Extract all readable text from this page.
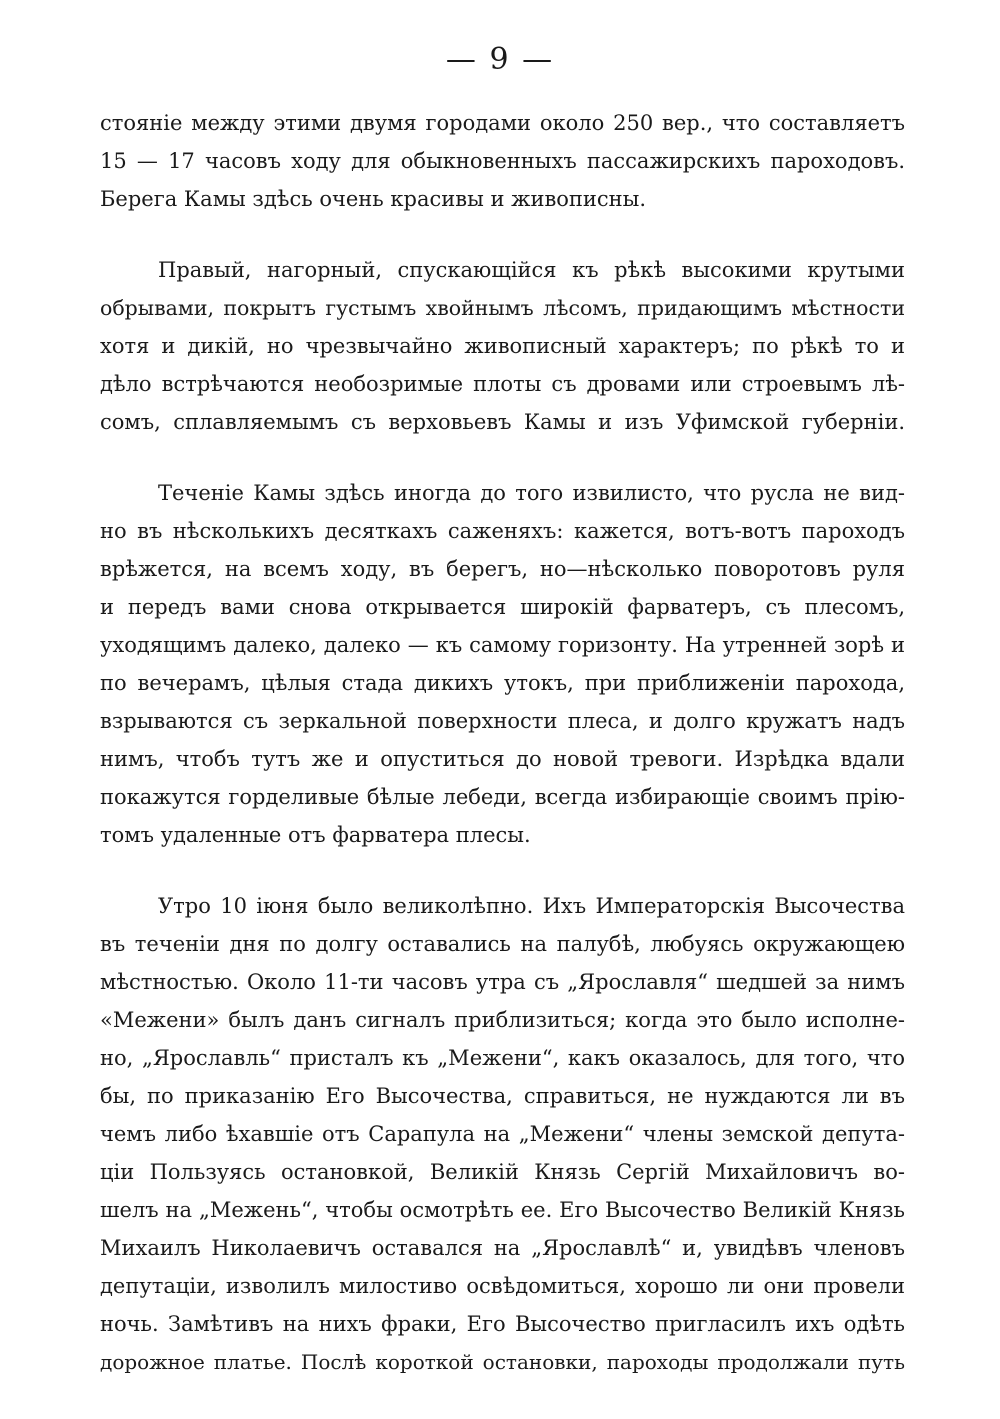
— 9 —
стояніе между этими двумя городами около 250 вер., что составляетъ
15 — 17 часовъ ходу для обыкновенныхъ пассажирскихъ пароходовъ.
Берега Камы здѣсь очень красивы и живописны.
Правый, нагорный, спускающійся къ рѣкѣ высокими крутыми
обрывами, покрытъ густымъ хвойнымъ лѣсомъ, придающимъ мѣстности
хотя и дикій, но чрезвычайно живописный характеръ; по рѣкѣ то и
дѣло встрѣчаются необозримые плоты съ дровами или строевымъ лѣ-
сомъ, сплавляемымъ съ верховьевъ Камы и изъ Уфимской губерніи.
Теченіе Камы здѣсь иногда до того извилисто, что русла не вид-
но въ нѣсколькихъ десяткахъ саженяхъ: кажется, вотъ-вотъ пароходъ
врѣжется, на всемъ ходу, въ берегъ, но—нѣсколько поворотовъ руля
и передъ вами снова открывается широкій фарватеръ, съ плесомъ,
уходящимъ далеко, далеко — къ самому горизонту. На утренней зорѣ и
по вечерамъ, цѣлыя стада дикихъ утокъ, при приближеніи парохода,
взрываются съ зеркальной поверхности плеса, и долго кружатъ надъ
нимъ, чтобъ тутъ же и опуститься до новой тревоги. Изрѣдка вдали
покажутся горделивые бѣлые лебеди, всегда избирающіе своимъ прію-
томъ удаленные отъ фарватера плесы.
Утро 10 іюня было великолѣпно. Ихъ Императорскія Высочества
въ теченіи дня по долгу оставались на палубѣ, любуясь окружающею
мѣстностью. Около 11-ти часовъ утра съ „Ярославля“ шедшей за нимъ
«Межени» былъ данъ сигналъ приблизиться; когда это было исполне-
но, „Ярославль“ присталъ къ „Межени“, какъ оказалось, для того, что
бы, по приказанію Его Высочества, справиться, не нуждаются ли въ
чемъ либо ѣхавшіе отъ Сарапула на „Межени“ члены земской депута-
ціи Пользуясь остановкой, Великій Князь Сергій Михайловичъ во-
шелъ на „Межень“, чтобы осмотрѣть ее. Его Высочество Великій Князь
Михаилъ Николаевичъ оставался на „Ярославлѣ“ и, увидѣвъ членовъ
депутаціи, изволилъ милостиво освѣдомиться, хорошо ли они провели
ночь. Замѣтивъ на нихъ фраки, Его Высочество пригласилъ ихъ одѣть
дорожное платье. Послѣ короткой остановки, пароходы продолжали путь
